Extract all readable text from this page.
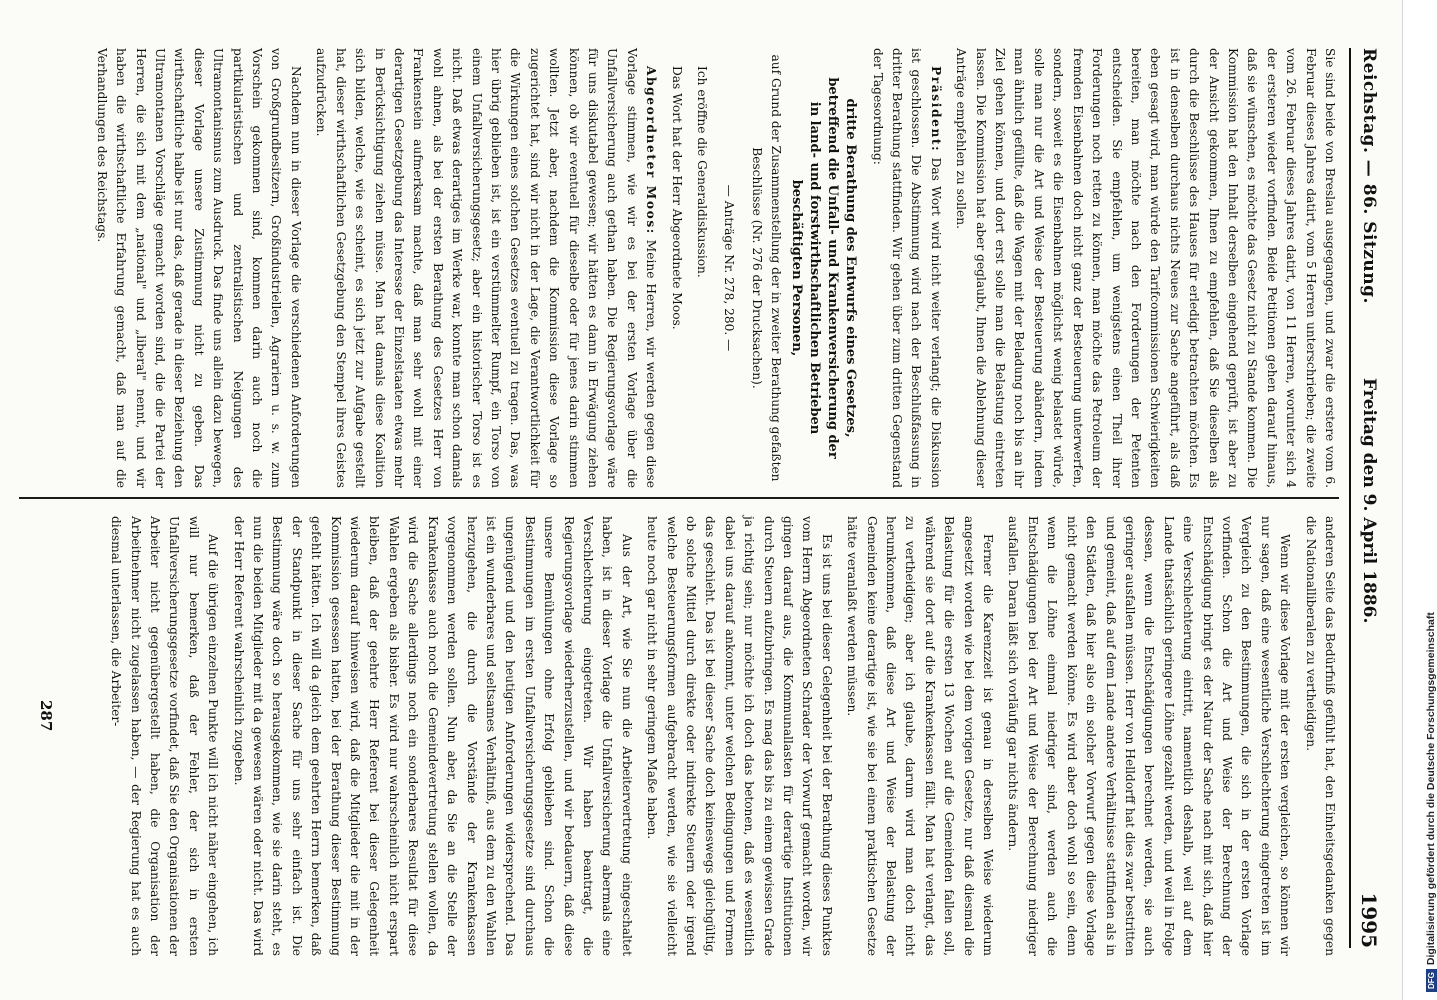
Reichstag. — 86. Sitzung.
Freitag den 9. April 1886.
1995

Sie sind beide von Breslau ausgegangen, und zwar die erstere vom 6. Februar dieses Jahres datirt, vom 5 Herren unterschrieben; die zweite vom 26. Februar dieses Jahres datirt, von 11 Herren, worunter sich 4 der ersteren wieder vorfinden. Beide Petitionen gehen darauf hinaus, daß sie wünschen, es möchte das Gesetz nicht zu Stande kommen. Die Kommission hat den Inhalt derselben eingehend geprüft, ist aber zu der Ansicht gekommen, Ihnen zu empfehlen, daß Sie dieselben als durch die Beschlüsse des Hauses für erledigt betrachten möchten. Es ist in denselben durchaus nichts Neues zur Sache angeführt, als daß eben gesagt wird, man würde den Tarifcommissionen Schwierigkeiten bereiten, man möchte nach den Forderungen der Petenten entscheiden. Sie empfehlen, um wenigstens einen Theil ihrer Forderungen noch retten zu können, man möchte das Petroleum der fremden Eisenbahnen doch nicht ganz der Besteuerung unterwerfen, sondern, soweit es die Eisenbahnen möglichst wenig belastet würde, solle man nur die Art und Weise der Besteuerung abändern, indem man ähnlich gefüllte, daß die Wagen mit der Beladung noch bis an ihr Ziel gehen können, und dort erst solle man die Belastung eintreten lassen. Die Kommission hat aber geglaubt, Ihnen die Ablehnung dieser Anträge empfehlen zu sollen.

Präsident: Das Wort wird nicht weiter verlangt; die Diskussion ist geschlossen. Die Abstimmung wird nach der Beschlußfassung in dritter Berathung stattfinden. Wir gehen über zum dritten Gegenstand der Tagesordnung:

dritte Berathung des Entwurfs eines Gesetzes, betreffend die Unfall- und Krankenversicherung der in land- und forstwirthschaftlichen Betrieben beschäftigten Personen,
auf Grund der Zusammenstellung der in zweiter Berathung gefaßten Beschlüsse (Nr. 276 der Drucksachen).
— Anträge Nr. 278, 280. —

Ich eröffne die Generaldiskussion.

Das Wort hat der Herr Abgeordnete Moos.

Abgeordneter Moos: Meine Herren, wir werden gegen diese Vorlage stimmen, wie wir es bei der ersten Vorlage über die Unfallversicherung auch gethan haben. Die Regierungsvorlage wäre für uns diskutabel gewesen; wir hätten es dann in Erwägung ziehen können, ob wir eventuell für dieselbe oder für jenes darin stimmen wollten. Jetzt aber, nachdem die Kommission diese Vorlage so zugerichtet hat, sind wir nicht in der Lage, die Verantwortlichkeit für die Wirkungen eines solchen Gesetzes eventuell zu tragen. Das, was hier übrig geblieben ist, ist ein verstümmelter Rumpf, ein Torso von einem Unfallversicherungsgesetz; aber ein historischer Torso ist es nicht. Daß etwas derartiges im Werke war, konnte man schon damals wohl ahnen, als bei der ersten Berathung des Gesetzes Herr von Frankenstein aufmerksam machte, daß man sehr wohl mit einer derartigen Gesetzgebung das Interesse der Einzelstaaten etwas mehr in Berücksichtigung ziehen müsse. Man hat damals diese Koalition sich bilden, welche, wie es scheint, es sich jetzt zur Aufgabe gestellt hat, dieser wirthschaftlichen Gesetzgebung den Stempel ihres Geistes aufzudrücken.

Nachdem nun in dieser Vorlage die verschiedenen Anforderungen von Großgrundbesitzern, Großindustriellen, Agrariern u. s. w. zum Vorschein gekommen sind, kommen darin auch noch die partikularistischen und zentralistischen Neigungen des Ultramontanismus zum Ausdruck. Das finde uns allein dazu bewegen, dieser Vorlage unsere Zustimmung nicht zu geben. Das wirthschaftliche halbe ist nur das, daß gerade in dieser Beziehung den Ultramontanen Vorschläge gemacht worden sind, die die Partei der Herren, die sich mit dem „national" und „liberal" nennt, und wir haben die wirthschaftliche Erfahrung gemacht, daß man auf die Verhandlungen des Reichstags.

anderen Seite das Bedürfniß gefühlt hat, den Einheitsgedanken gegen die Nationalliberalen zu vertheidigen.

Wenn wir diese Vorlage mit der ersten vergleichen, so können wir nur sagen, daß eine wesentliche Verschlechterung eingetreten ist im Vergleich zu den Bestimmungen, die sich in der ersten Vorlage vorfinden. Schon die Art und Weise der Berechnung der Entschädigung bringt es der Natur der Sache nach mit sich, daß hier eine Verschlechterung eintritt, namentlich deshalb, weil auf dem Lande thatsächlich geringere Löhne gezahlt werden, und weil in Folge dessen, wenn die Entschädigungen berechnet werden, sie auch geringer ausfallen müssen. Herr von Helldorff hat dies zwar bestritten und gemeint, daß auf dem Lande andere Verhältnisse stattfinden als in den Städten, daß hier also ein solcher Vorwurf gegen diese Vorlage nicht gemacht werden könne. Es wird aber doch wohl so sein, denn wenn die Löhne einmal niedriger sind, werden auch die Entschädigungen bei der Art und Weise der Berechnung niedriger ausfallen. Daran läßt sich vorläufig gar nichts ändern.

Ferner die Karenzzeit ist genau in derselben Weise wiederum angesetzt worden wie bei dem vorigen Gesetze, nur daß diesmal die Belastung für die ersten 13 Wochen auf die Gemeinden fallen soll, während sie dort auf die Krankenkassen fällt. Man hat verlangt, das zu vertheidigen; aber ich glaube, darum wird man doch nicht herumkommen, daß diese Art und Weise der Belastung der Gemeinden keine derartige ist, wie sie bei einem praktischen Gesetze hätte veranlaßt werden müssen.

Es ist uns bei dieser Gelegenheit bei der Berathung dieses Punktes vom Herrn Abgeordneten Schrader der Vorwurf gemacht worden, wir gingen darauf aus, die Kommunallasten für derartige Institutionen durch Steuern aufzubringen. Es mag das bis zu einem gewissen Grade ja richtig sein; nur möchte ich doch das betonen, daß es wesentlich dabei uns darauf ankommt, unter welchen Bedingungen und Formen das geschieht. Das ist bei dieser Sache doch keineswegs gleichgültig, ob solche Mittel durch direkte oder indirekte Steuern oder irgend welche Besteuerungsformen aufgebracht werden, wie sie vielleicht heute noch gar nicht in sehr geringem Maße haben.

Aus der Art, wie Sie nun die Arbeitervertretung eingeschaltet haben, ist in dieser Vorlage die Unfallversicherung abermals eine Verschlechterung eingetreten. Wir haben beantragt, die Regierungsvorlage wiederherzustellen, und wir bedauern, daß diese unsere Bemühungen ohne Erfolg geblieben sind. Schon die Bestimmungen im ersten Unfallversicherungsgesetze sind durchaus ungenügend und den heutigen Anforderungen widersprechend. Das ist ein wunderbares und seltsames Verhältniß, aus dem zu den Wahlen herzugehen, die durch die Vorstände der Krankenkassen vorgenommen werden sollen. Nun aber, da Sie an die Stelle der Krankenkasse auch noch die Gemeindevertretung stellen wollen, da wird die Sache allerdings noch ein sonderbares Resultat für diese Wahlen ergeben als bisher. Es wird nur wahrscheinlich nicht erspart bleiben, daß der geehrte Herr Referent bei dieser Gelegenheit wiederum darauf hinweisen wird, daß die Mitglieder die mit in der Kommission gesessen hatten, bei der Berathung dieser Bestimmung gefehlt hätten. Ich will da gleich dem geehrten Herrn bemerken, daß der Standpunkt in dieser Sache für uns sehr einfach ist. Die Bestimmung wäre doch so herausgekommen, wie sie darin steht, es nun die beiden Mitglieder mit da gewesen wären oder nicht. Das wird der Herr Referent wahrscheinlich zugeben.

Auf die übrigen einzelnen Punkte will ich nicht näher eingehen, ich will nur bemerken, daß der Fehler, der sich in ersten Unfallversicherungsgesetze vorfindet, daß Sie den Organisationen der Arbeiter nicht gegenübergestellt haben, die Organisation der Arbeitnehmer nicht zugelassen haben, — der Regierung hat es auch diesmal unterlassen, die Arbeiter-

287
DFGDigitalisierung gefördert durch die Deutsche Forschungsgemeinschaft
